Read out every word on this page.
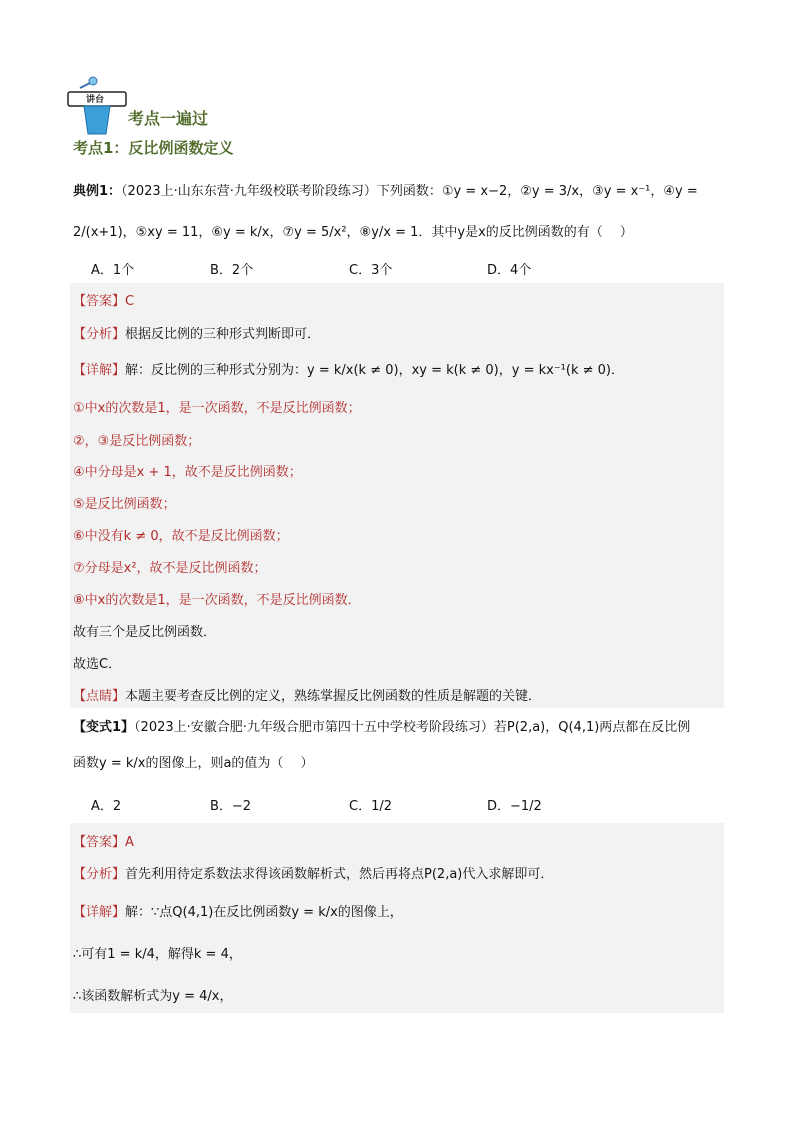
讲台
考点一遍过
考点1：反比例函数定义
典例1：（2023上·山东东营·九年级校联考阶段练习）下列函数：①y = x−2，②y = 3/x，③y = x⁻¹，④y =
2/(x+1)，⑤xy = 11，⑥y = k/x，⑦y = 5/x²，⑧y/x = 1．其中y是x的反比例函数的有（　 ）
A．1个	B．2个	C．3个	D．4个
【答案】C
【分析】根据反比例的三种形式判断即可．
【详解】解：反比例的三种形式分别为：y = k/x(k ≠ 0)，xy = k(k ≠ 0)，y = kx⁻¹(k ≠ 0)．
①中x的次数是1，是一次函数，不是反比例函数；
②，③是反比例函数；
④中分母是x + 1，故不是反比例函数；
⑤是反比例函数；
⑥中没有k ≠ 0，故不是反比例函数；
⑦分母是x²，故不是反比例函数；
⑧中x的次数是1，是一次函数，不是反比例函数．
故有三个是反比例函数．
故选C．
【点睛】本题主要考查反比例的定义，熟练掌握反比例函数的性质是解题的关键．
【变式1】（2023上·安徽合肥·九年级合肥市第四十五中学校考阶段练习）若P(2,a)，Q(4,1)两点都在反比例
函数y = k/x的图像上，则a的值为（　 ）
A．2	B．−2	C．1/2	D．−1/2
【答案】A
【分析】首先利用待定系数法求得该函数解析式，然后再将点P(2,a)代入求解即可．
【详解】解：∵点Q(4,1)在反比例函数y = k/x的图像上，
∴可有1 = k/4，解得k = 4，
∴该函数解析式为y = 4/x，
